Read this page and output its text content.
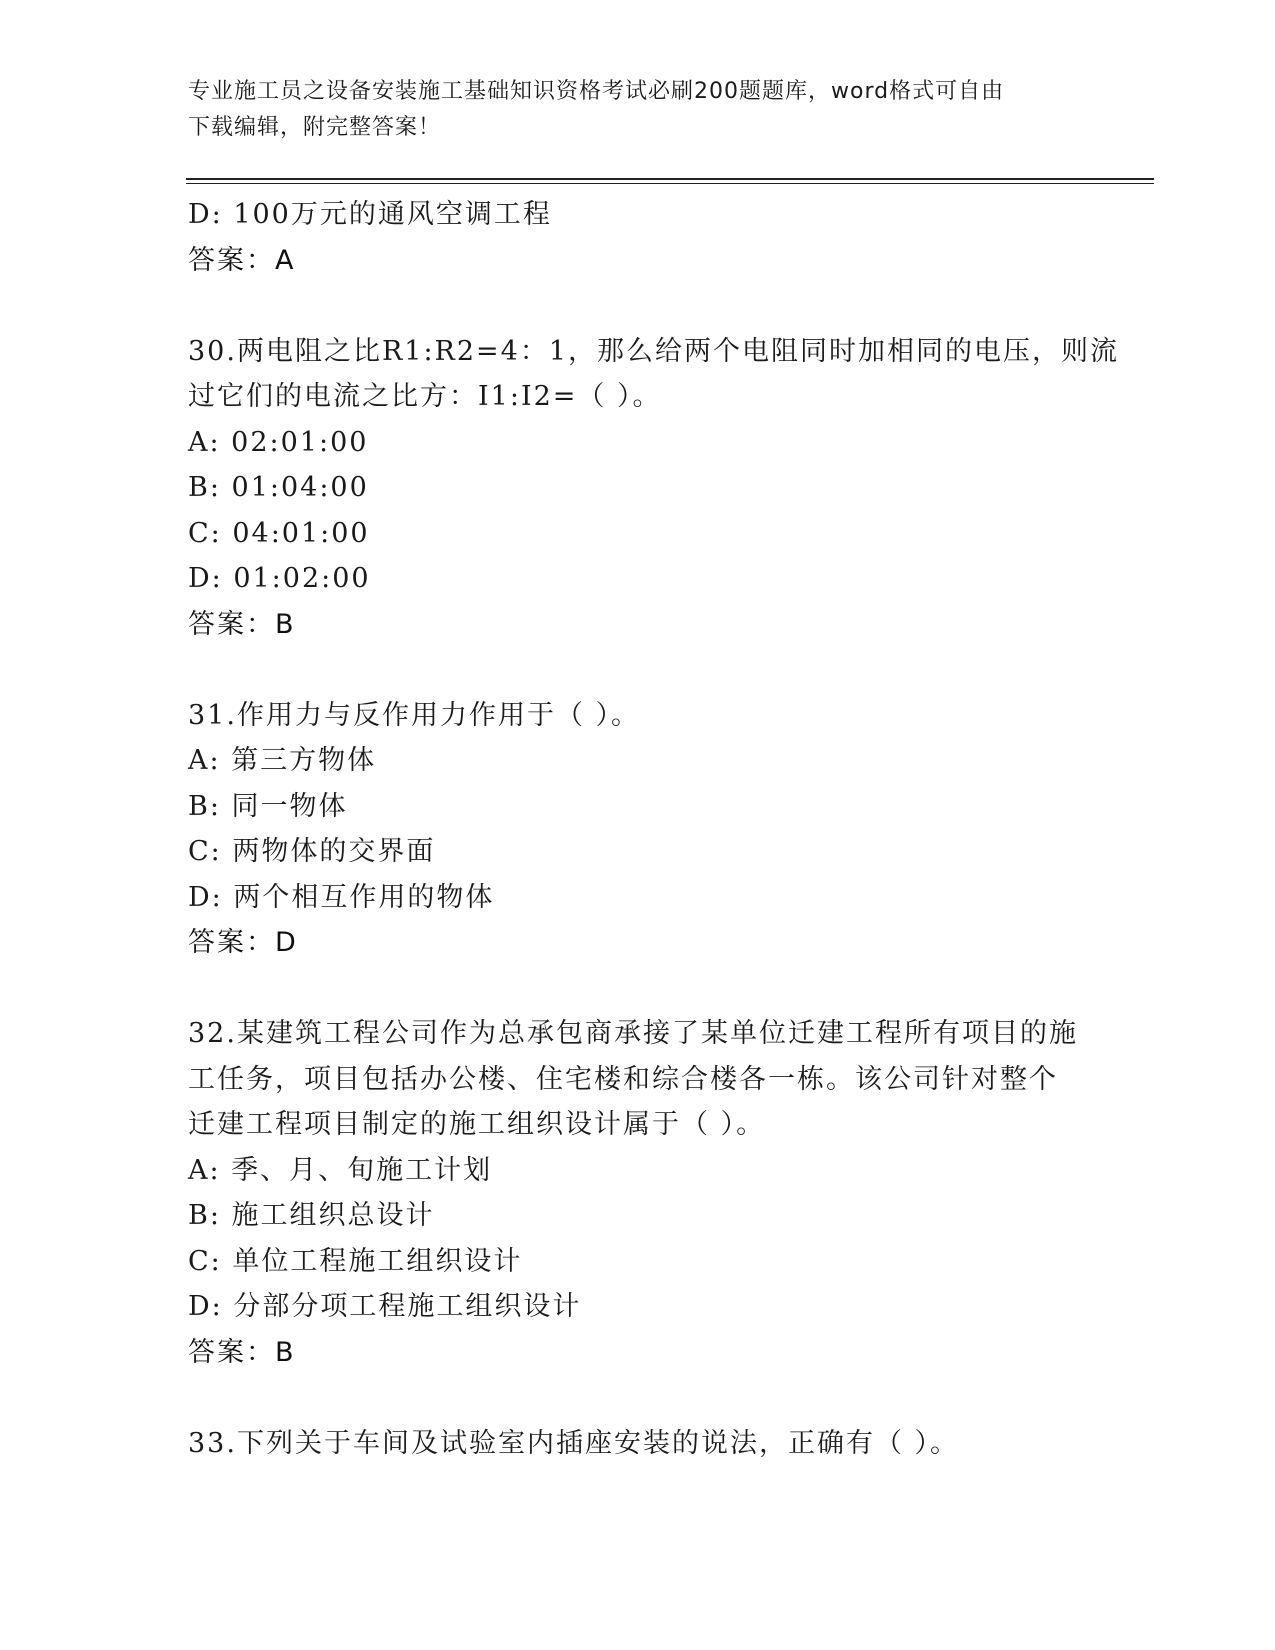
专业施工员之设备安装施工基础知识资格考试必刷200题题库，word格式可自由
下载编辑，附完整答案！
D: 100万元的通风空调工程
答案：A
30.两电阻之比R1:R2=4：1，那么给两个电阻同时加相同的电压，则流
过它们的电流之比方：I1:I2=（ ）。
A: 02:01:00
B: 01:04:00
C: 04:01:00
D: 01:02:00
答案：B
31.作用力与反作用力作用于（ ）。
A: 第三方物体
B: 同一物体
C: 两物体的交界面
D: 两个相互作用的物体
答案：D
32.某建筑工程公司作为总承包商承接了某单位迁建工程所有项目的施
工任务，项目包括办公楼、住宅楼和综合楼各一栋。该公司针对整个
迁建工程项目制定的施工组织设计属于（ ）。
A: 季、月、旬施工计划
B: 施工组织总设计
C: 单位工程施工组织设计
D: 分部分项工程施工组织设计
答案：B
33.下列关于车间及试验室内插座安装的说法，正确有（ ）。
